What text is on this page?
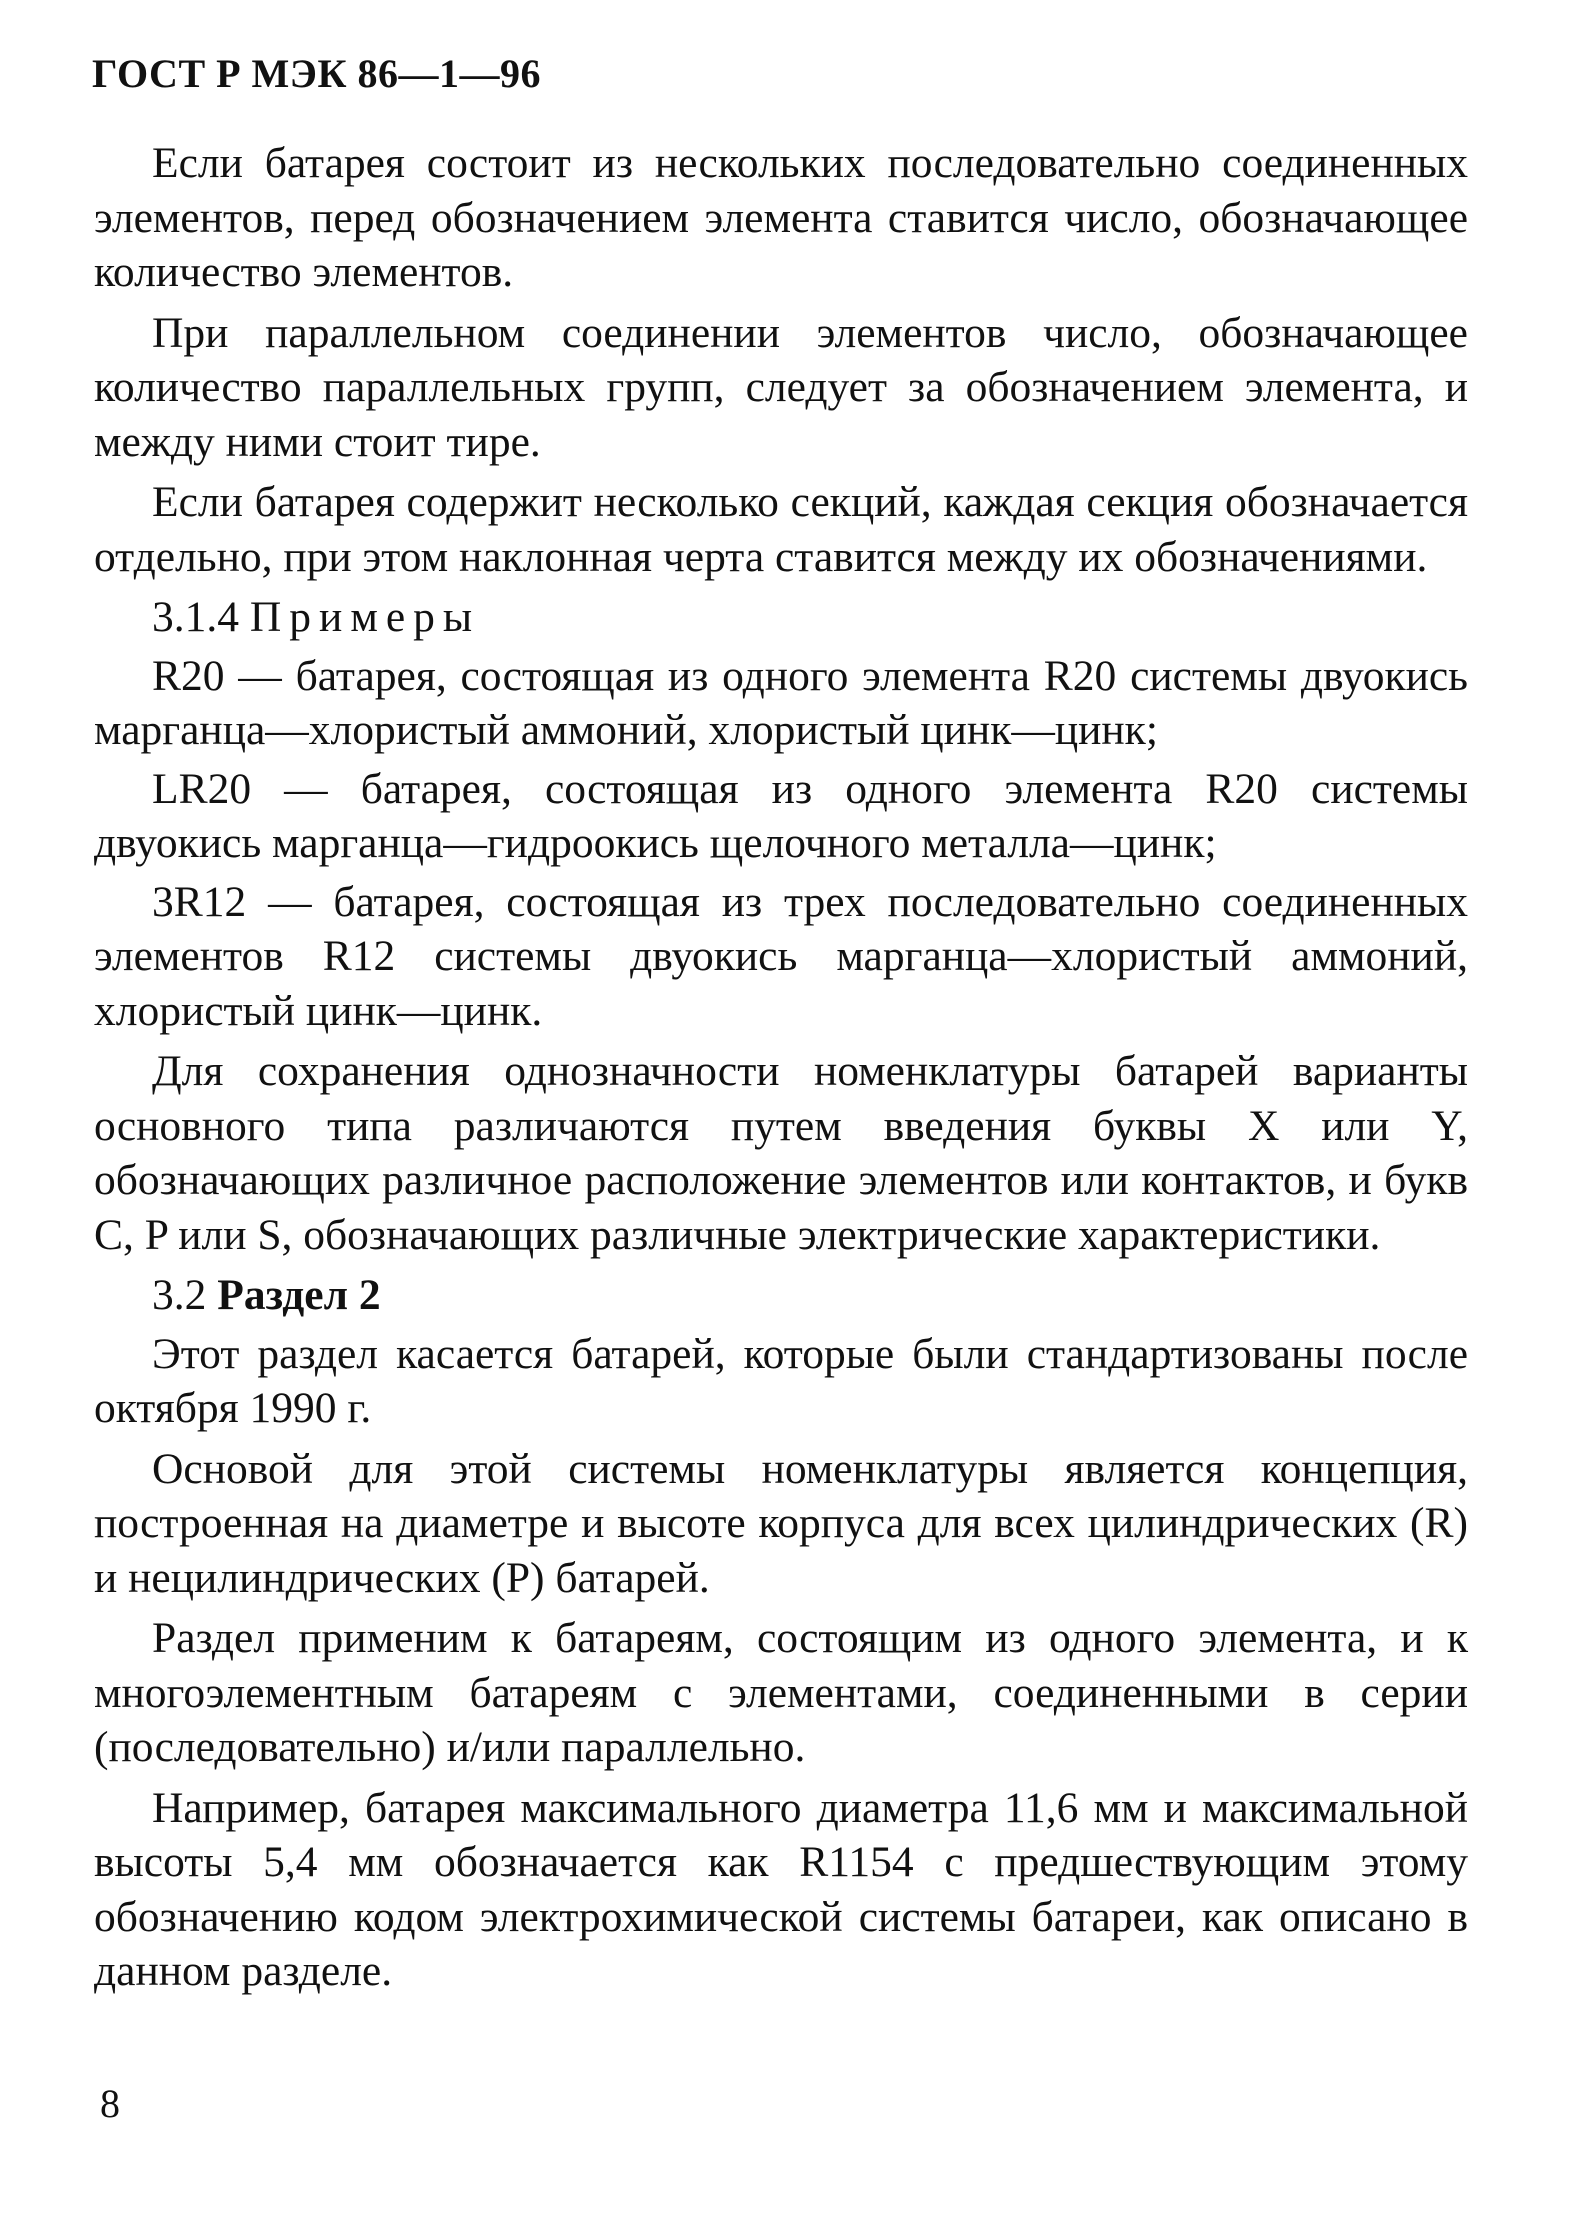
ГОСТ Р МЭК 86—1—96

Если батарея состоит из нескольких последовательно соединенных элементов, перед обозначением элемента ставится число, обозначающее количество элементов.

При параллельном соединении элементов число, обозначающее количество параллельных групп, следует за обозначением элемента, и между ними стоит тире.

Если батарея содержит несколько секций, каждая секция обозначается отдельно, при этом наклонная черта ставится между их обозначениями.

3.1.4 Примеры

R20 — батарея, состоящая из одного элемента R20 системы двуокись марганца—хлористый аммоний, хлористый цинк—цинк;

LR20 — батарея, состоящая из одного элемента R20 системы двуокись марганца—гидроокись щелочного металла—цинк;

3R12 — батарея, состоящая из трех последовательно соединенных элементов R12 системы двуокись марганца—хлористый аммоний, хлористый цинк—цинк.

Для сохранения однозначности номенклатуры батарей варианты основного типа различаются путем введения буквы X или Y, обозначающих различное расположение элементов или контактов, и букв C, P или S, обозначающих различные электрические характеристики.

3.2 Раздел 2

Этот раздел касается батарей, которые были стандартизованы после октября 1990 г.

Основой для этой системы номенклатуры является концепция, построенная на диаметре и высоте корпуса для всех цилиндрических (R) и нецилиндрических (P) батарей.

Раздел применим к батареям, состоящим из одного элемента, и к многоэлементным батареям с элементами, соединенными в серии (последовательно) и/или параллельно.

Например, батарея максимального диаметра 11,6 мм и максимальной высоты 5,4 мм обозначается как R1154 с предшествующим этому обозначению кодом электрохимической системы батареи, как описано в данном разделе.

8
